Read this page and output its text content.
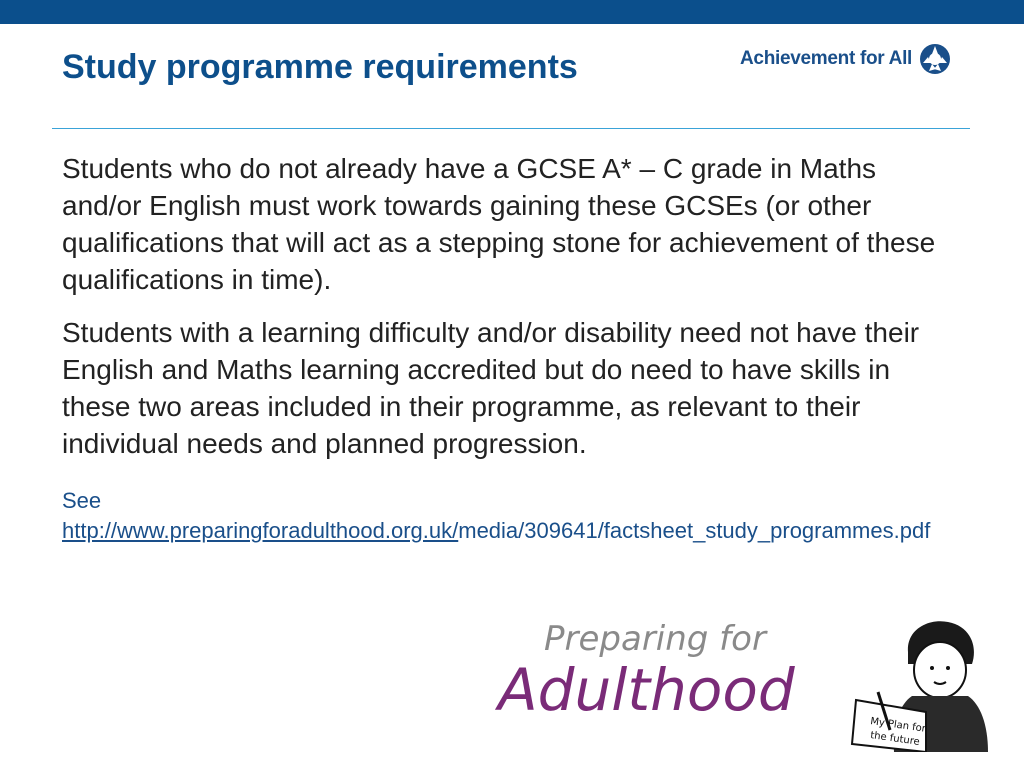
Study programme requirements	Achievement for All

Students who do not already have a GCSE A* – C grade in Maths and/or English must work towards gaining these GCSEs (or other qualifications that will act as a stepping stone for achievement of these qualifications in time).

Students with a learning difficulty and/or disability need not have their English and Maths learning accredited but do need to have skills in these two areas included in their programme, as relevant to their individual needs and planned progression.

See
http://www.preparingforadulthood.org.uk/media/309641/factsheet_study_programmes.pdf

Preparing for
Adulthood
My Plan for
the future
